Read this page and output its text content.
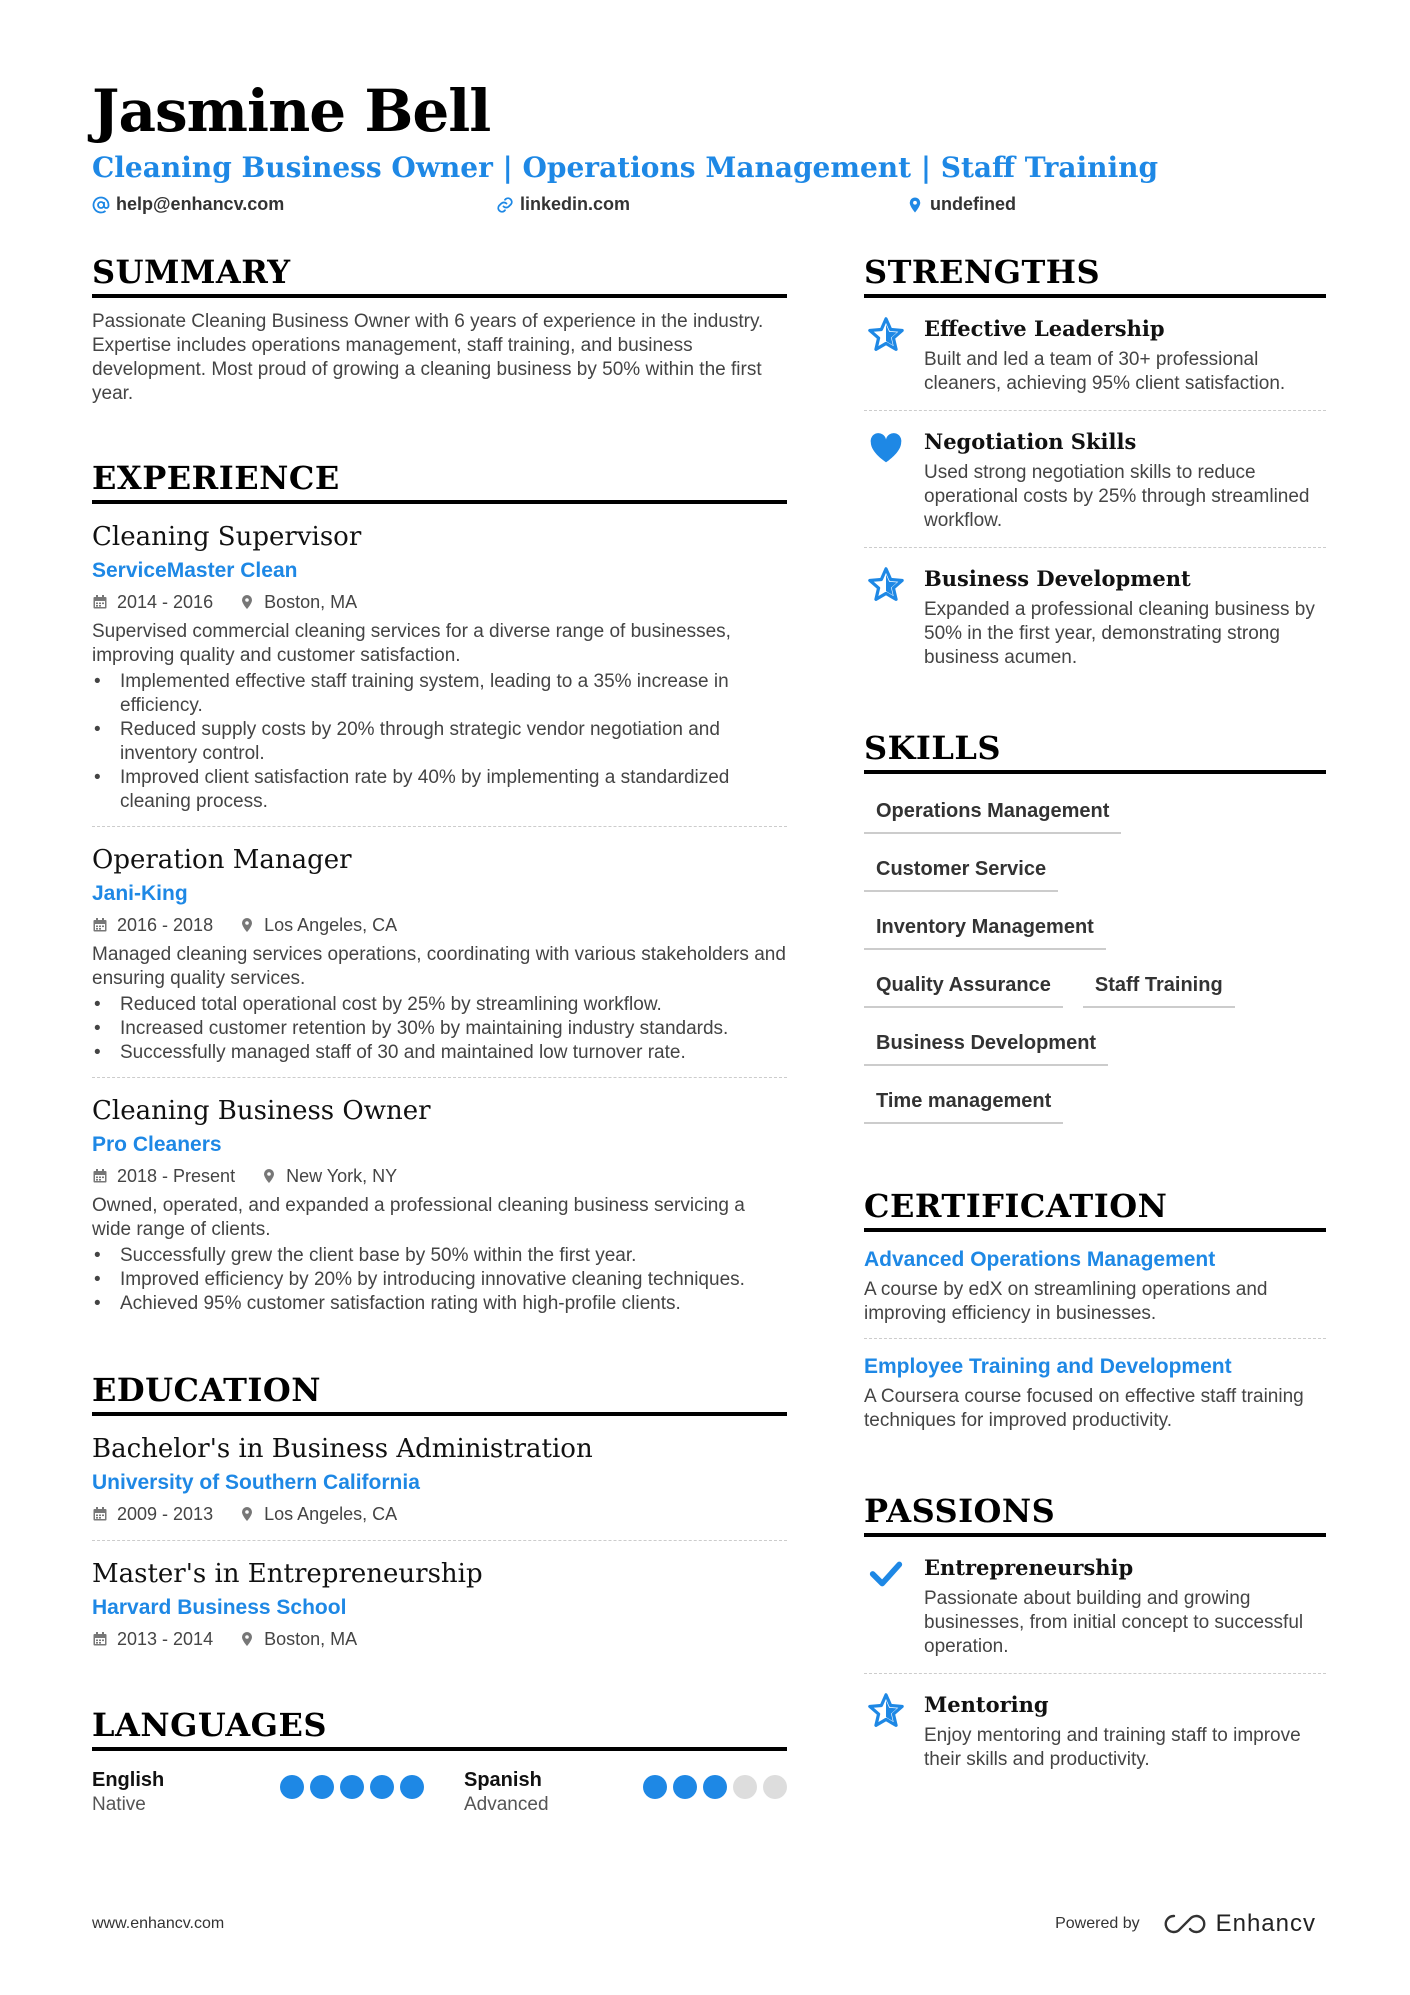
Jasmine Bell
Cleaning Business Owner | Operations Management | Staff Training
help@enhancv.com	linkedin.com	undefined
SUMMARY
Passionate Cleaning Business Owner with 6 years of experience in the industry. Expertise includes operations management, staff training, and business development. Most proud of growing a cleaning business by 50% within the first year.
EXPERIENCE
Cleaning Supervisor
ServiceMaster Clean
2014 - 2016	Boston, MA
Supervised commercial cleaning services for a diverse range of businesses, improving quality and customer satisfaction.
• Implemented effective staff training system, leading to a 35% increase in efficiency.
• Reduced supply costs by 20% through strategic vendor negotiation and inventory control.
• Improved client satisfaction rate by 40% by implementing a standardized cleaning process.
Operation Manager
Jani-King
2016 - 2018	Los Angeles, CA
Managed cleaning services operations, coordinating with various stakeholders and ensuring quality services.
• Reduced total operational cost by 25% by streamlining workflow.
• Increased customer retention by 30% by maintaining industry standards.
• Successfully managed staff of 30 and maintained low turnover rate.
Cleaning Business Owner
Pro Cleaners
2018 - Present	New York, NY
Owned, operated, and expanded a professional cleaning business servicing a wide range of clients.
• Successfully grew the client base by 50% within the first year.
• Improved efficiency by 20% by introducing innovative cleaning techniques.
• Achieved 95% customer satisfaction rating with high-profile clients.
EDUCATION
Bachelor's in Business Administration
University of Southern California
2009 - 2013	Los Angeles, CA
Master's in Entrepreneurship
Harvard Business School
2013 - 2014	Boston, MA
LANGUAGES
English
Native
Spanish
Advanced
STRENGTHS
Effective Leadership
Built and led a team of 30+ professional cleaners, achieving 95% client satisfaction.
Negotiation Skills
Used strong negotiation skills to reduce operational costs by 25% through streamlined workflow.
Business Development
Expanded a professional cleaning business by 50% in the first year, demonstrating strong business acumen.
SKILLS
Operations Management
Customer Service
Inventory Management
Quality Assurance	Staff Training
Business Development
Time management
CERTIFICATION
Advanced Operations Management
A course by edX on streamlining operations and improving efficiency in businesses.
Employee Training and Development
A Coursera course focused on effective staff training techniques for improved productivity.
PASSIONS
Entrepreneurship
Passionate about building and growing businesses, from initial concept to successful operation.
Mentoring
Enjoy mentoring and training staff to improve their skills and productivity.
www.enhancv.com	Powered by	Enhancv
